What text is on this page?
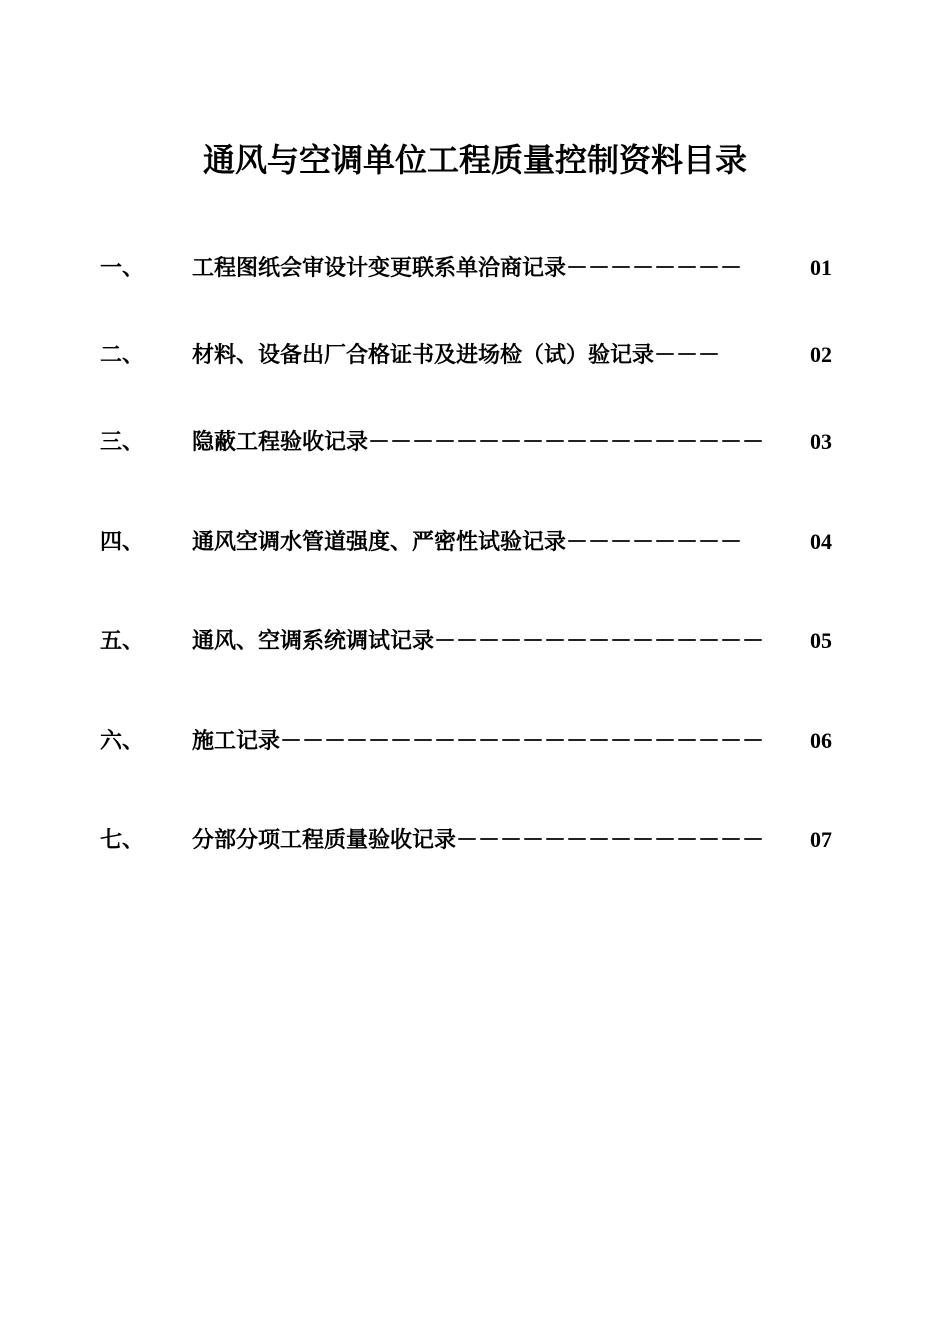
通风与空调单位工程质量控制资料目录
一、	工程图纸会审设计变更联系单洽商记录－－－－－－－－	01
二、	材料、设备出厂合格证书及进场检（试）验记录－－－	02
三、	隐蔽工程验收记录－－－－－－－－－－－－－－－－－－ 03
四、	通风空调水管道强度、严密性试验记录－－－－－－－－	04
五、	通风、空调系统调试记录－－－－－－－－－－－－－－－ 05
六、	施工记录－－－－－－－－－－－－－－－－－－－－－－ 06
七、	分部分项工程质量验收记录－－－－－－－－－－－－－－ 07
